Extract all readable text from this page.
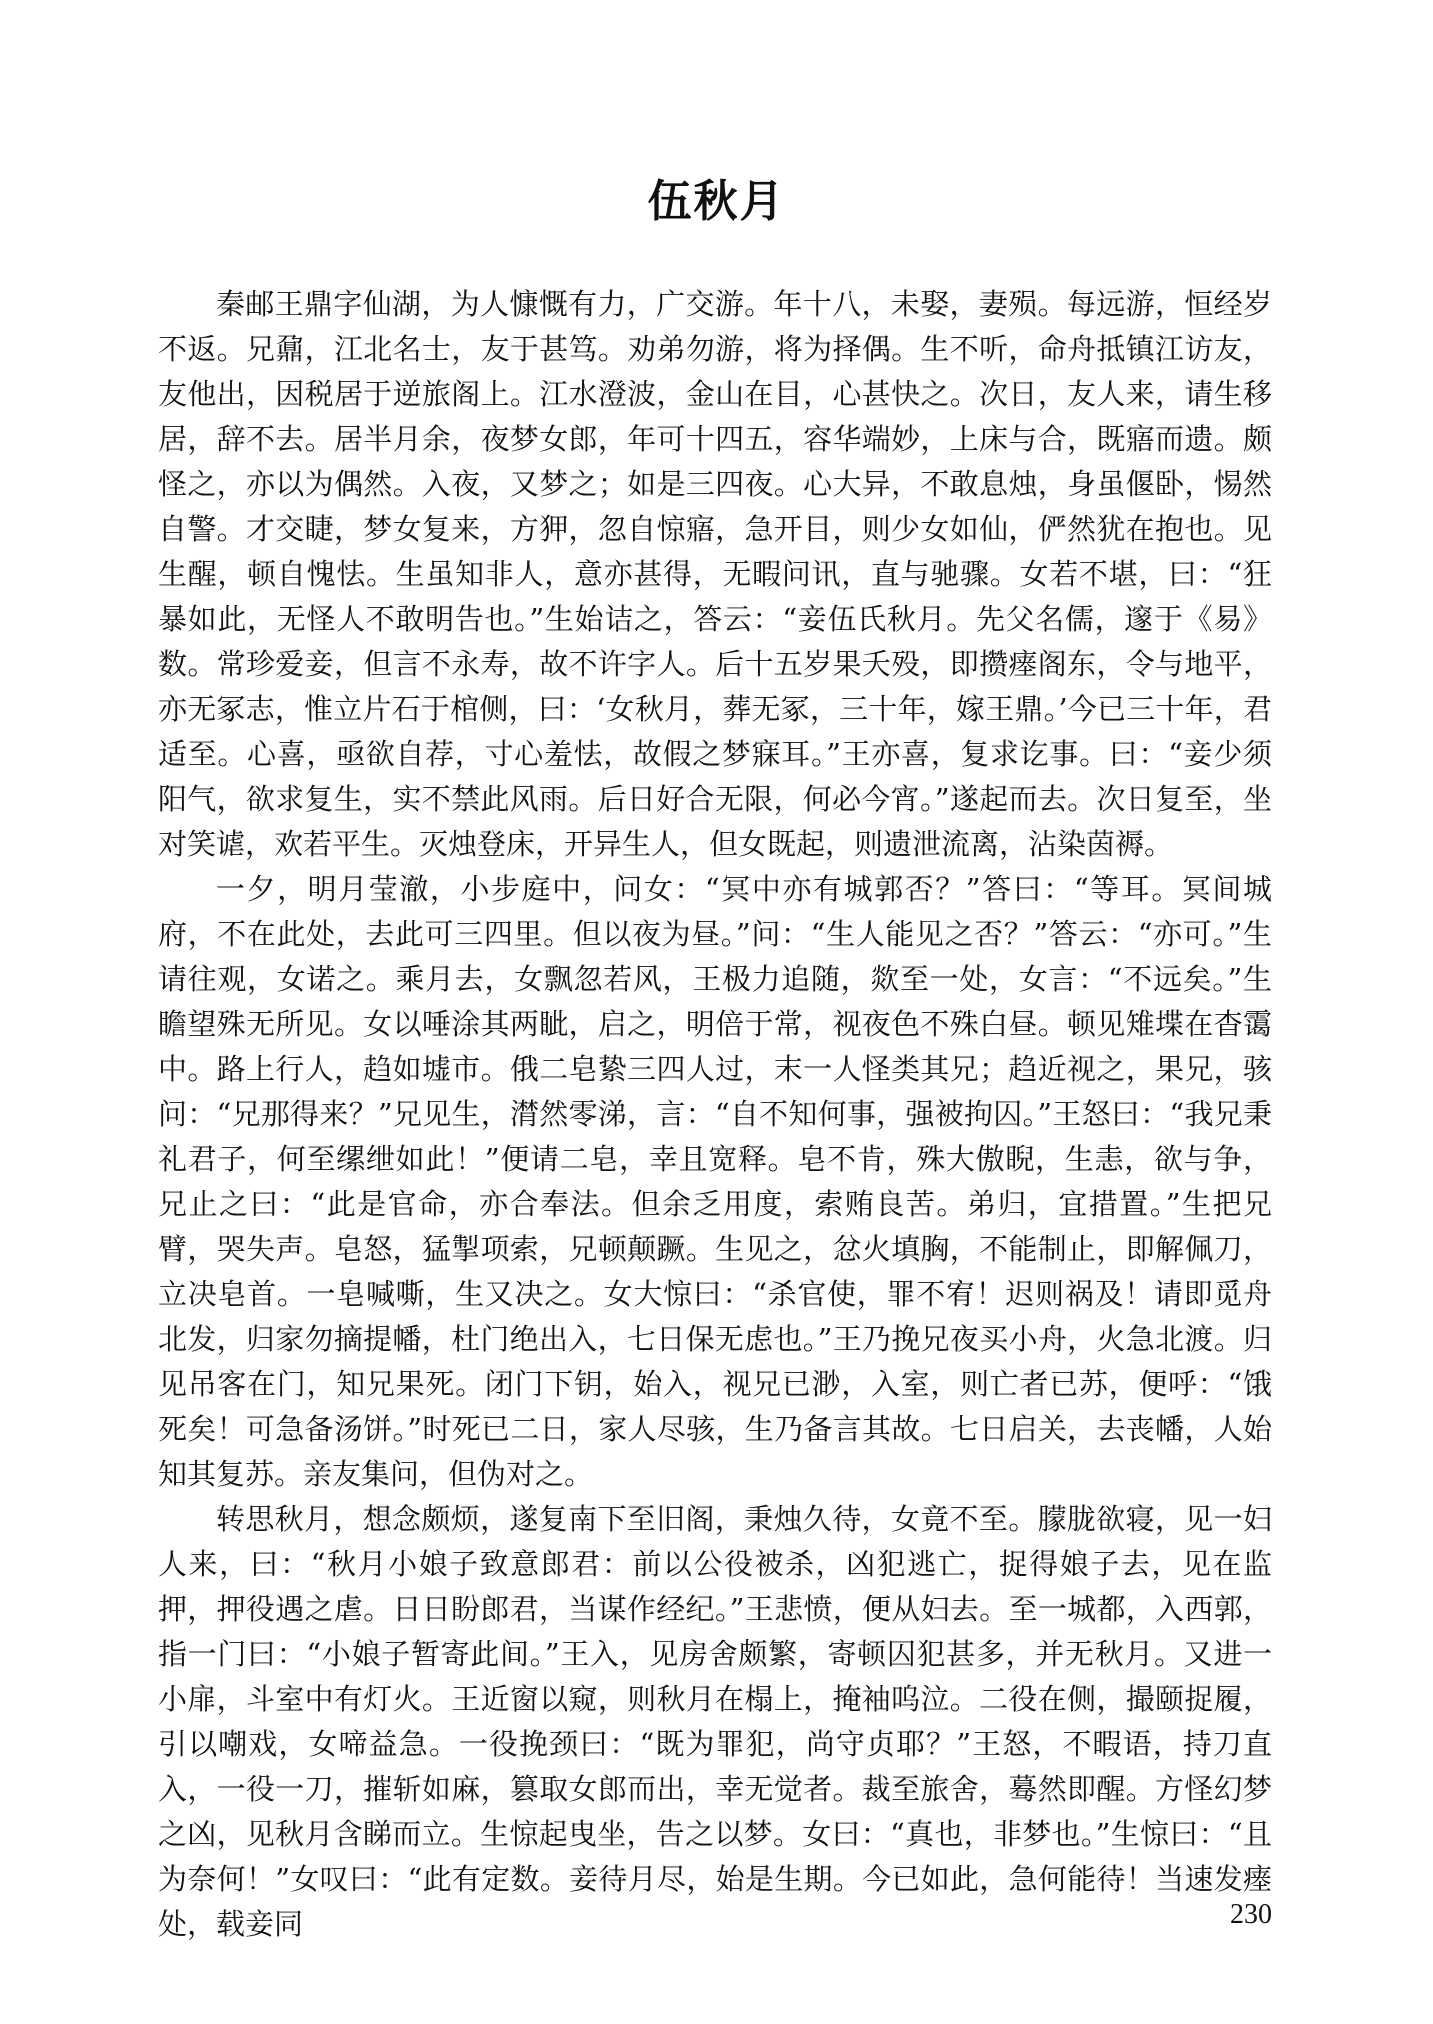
伍秋月

秦邮王鼎字仙湖，为人慷慨有力，广交游。年十八，未娶，妻殒。每远游，恒经岁不返。兄鼐，江北名士，友于甚笃。劝弟勿游，将为择偶。生不听，命舟抵镇江访友，友他出，因税居于逆旅阁上。江水澄波，金山在目，心甚快之。次日，友人来，请生移居，辞不去。居半月余，夜梦女郎，年可十四五，容华端妙，上床与合，既寤而遗。颇怪之，亦以为偶然。入夜，又梦之；如是三四夜。心大异，不敢息烛，身虽偃卧，惕然自警。才交睫，梦女复来，方狎，忽自惊寤，急开目，则少女如仙，俨然犹在抱也。见生醒，顿自愧怯。生虽知非人，意亦甚得，无暇问讯，直与驰骤。女若不堪，曰：“狂暴如此，无怪人不敢明告也。”生始诘之，答云：“妾伍氏秋月。先父名儒，邃于《易》数。常珍爱妾，但言不永寿，故不许字人。后十五岁果夭殁，即攒瘗阁东，令与地平，亦无冢志，惟立片石于棺侧，曰：‘女秋月，葬无冢，三十年，嫁王鼎。’今已三十年，君适至。心喜，亟欲自荐，寸心羞怯，故假之梦寐耳。”王亦喜，复求讫事。曰：“妾少须阳气，欲求复生，实不禁此风雨。后日好合无限，何必今宵。”遂起而去。次日复至，坐对笑谑，欢若平生。灭烛登床，开异生人，但女既起，则遗泄流离，沾染茵褥。

一夕，明月莹澈，小步庭中，问女：“冥中亦有城郭否？”答曰：“等耳。冥间城府，不在此处，去此可三四里。但以夜为昼。”问：“生人能见之否？”答云：“亦可。”生请往观，女诺之。乘月去，女飘忽若风，王极力追随，欻至一处，女言：“不远矣。”生瞻望殊无所见。女以唾涂其两眦，启之，明倍于常，视夜色不殊白昼。顿见雉堞在杳霭中。路上行人，趋如墟市。俄二皂絷三四人过，末一人怪类其兄；趋近视之，果兄，骇问：“兄那得来？”兄见生，潸然零涕，言：“自不知何事，强被拘囚。”王怒曰：“我兄秉礼君子，何至缧绁如此！”便请二皂，幸且宽释。皂不肯，殊大傲睨，生恚，欲与争，兄止之曰：“此是官命，亦合奉法。但余乏用度，索贿良苦。弟归，宜措置。”生把兄臂，哭失声。皂怒，猛掣项索，兄顿颠蹶。生见之，忿火填胸，不能制止，即解佩刀，立决皂首。一皂喊嘶，生又决之。女大惊曰：“杀官使，罪不宥！迟则祸及！请即觅舟北发，归家勿摘提幡，杜门绝出入，七日保无虑也。”王乃挽兄夜买小舟，火急北渡。归见吊客在门，知兄果死。闭门下钥，始入，视兄已渺，入室，则亡者已苏，便呼：“饿死矣！可急备汤饼。”时死已二日，家人尽骇，生乃备言其故。七日启关，去丧幡，人始知其复苏。亲友集问，但伪对之。

转思秋月，想念颇烦，遂复南下至旧阁，秉烛久待，女竟不至。朦胧欲寝，见一妇人来，曰：“秋月小娘子致意郎君：前以公役被杀，凶犯逃亡，捉得娘子去，见在监押，押役遇之虐。日日盼郎君，当谋作经纪。”王悲愤，便从妇去。至一城都，入西郭，指一门曰：“小娘子暂寄此间。”王入，见房舍颇繁，寄顿囚犯甚多，并无秋月。又进一小扉，斗室中有灯火。王近窗以窥，则秋月在榻上，掩袖呜泣。二役在侧，撮颐捉履，引以嘲戏，女啼益急。一役挽颈曰：“既为罪犯，尚守贞耶？”王怒，不暇语，持刀直入，一役一刀，摧斩如麻，篡取女郎而出，幸无觉者。裁至旅舍，蓦然即醒。方怪幻梦之凶，见秋月含睇而立。生惊起曳坐，告之以梦。女曰：“真也，非梦也。”生惊曰：“且为奈何！”女叹曰：“此有定数。妾待月尽，始是生期。今已如此，急何能待！当速发瘗处，载妾同	230
